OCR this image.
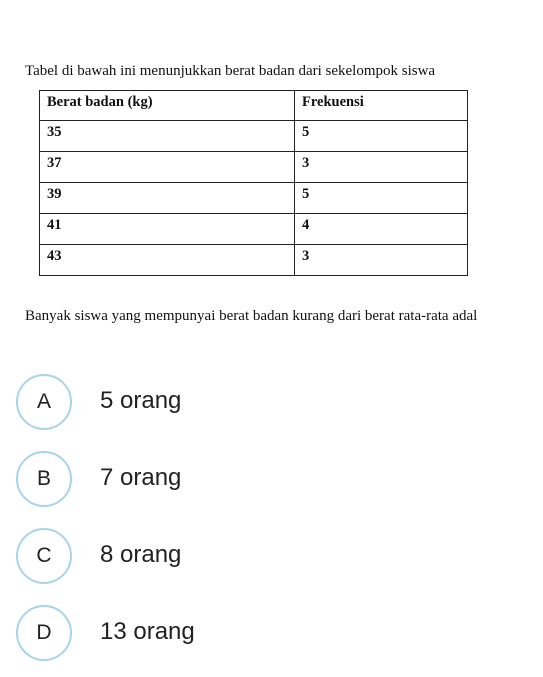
Tabel di bawah ini menunjukkan berat badan dari sekelompok siswa
Berat badan (kg)	Frekuensi
35	5
37	3
39	5
41	4
43	3
Banyak siswa yang mempunyai berat badan kurang dari berat rata-rata adal
A	5 orang
B	7 orang
C	8 orang
D	13 orang
